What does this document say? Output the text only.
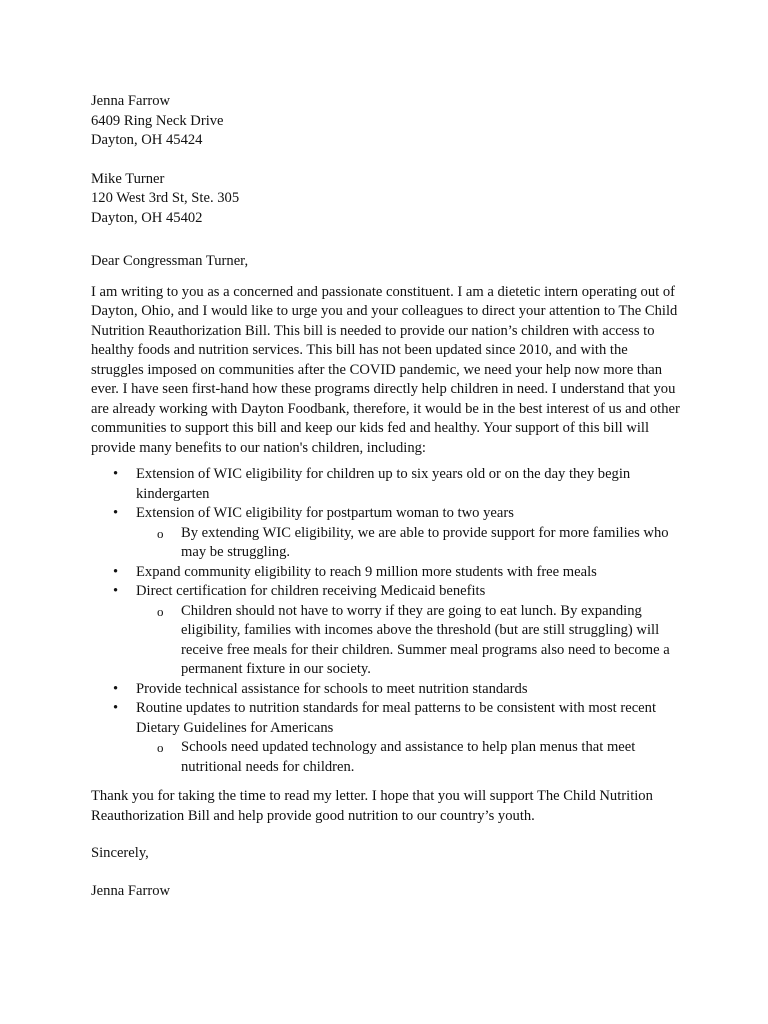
Jenna Farrow

6409 Ring Neck Drive

Dayton, OH 45424

Mike Turner

120 West 3rd St, Ste. 305

Dayton, OH 45402

Dear Congressman Turner,

I am writing to you as a concerned and passionate constituent. I am a dietetic intern operating out of Dayton, Ohio, and I would like to urge you and your colleagues to direct your attention to The Child Nutrition Reauthorization Bill. This bill is needed to provide our nation’s children with access to healthy foods and nutrition services. This bill has not been updated since 2010, and with the struggles imposed on communities after the COVID pandemic, we need your help now more than ever. I have seen first-hand how these programs directly help children in need. I understand that you are already working with Dayton Foodbank, therefore, it would be in the best interest of us and other communities to support this bill and keep our kids fed and healthy. Your support of this bill will provide many benefits to our nation's children, including:

• Extension of WIC eligibility for children up to six years old or on the day they begin kindergarten
• Extension of WIC eligibility for postpartum woman to two years
o By extending WIC eligibility, we are able to provide support for more families who may be struggling.
• Expand community eligibility to reach 9 million more students with free meals
• Direct certification for children receiving Medicaid benefits
o Children should not have to worry if they are going to eat lunch. By expanding eligibility, families with incomes above the threshold (but are still struggling) will receive free meals for their children. Summer meal programs also need to become a permanent fixture in our society.
• Provide technical assistance for schools to meet nutrition standards
• Routine updates to nutrition standards for meal patterns to be consistent with most recent Dietary Guidelines for Americans
o Schools need updated technology and assistance to help plan menus that meet nutritional needs for children.

Thank you for taking the time to read my letter. I hope that you will support The Child Nutrition Reauthorization Bill and help provide good nutrition to our country’s youth.

Sincerely,

Jenna Farrow
